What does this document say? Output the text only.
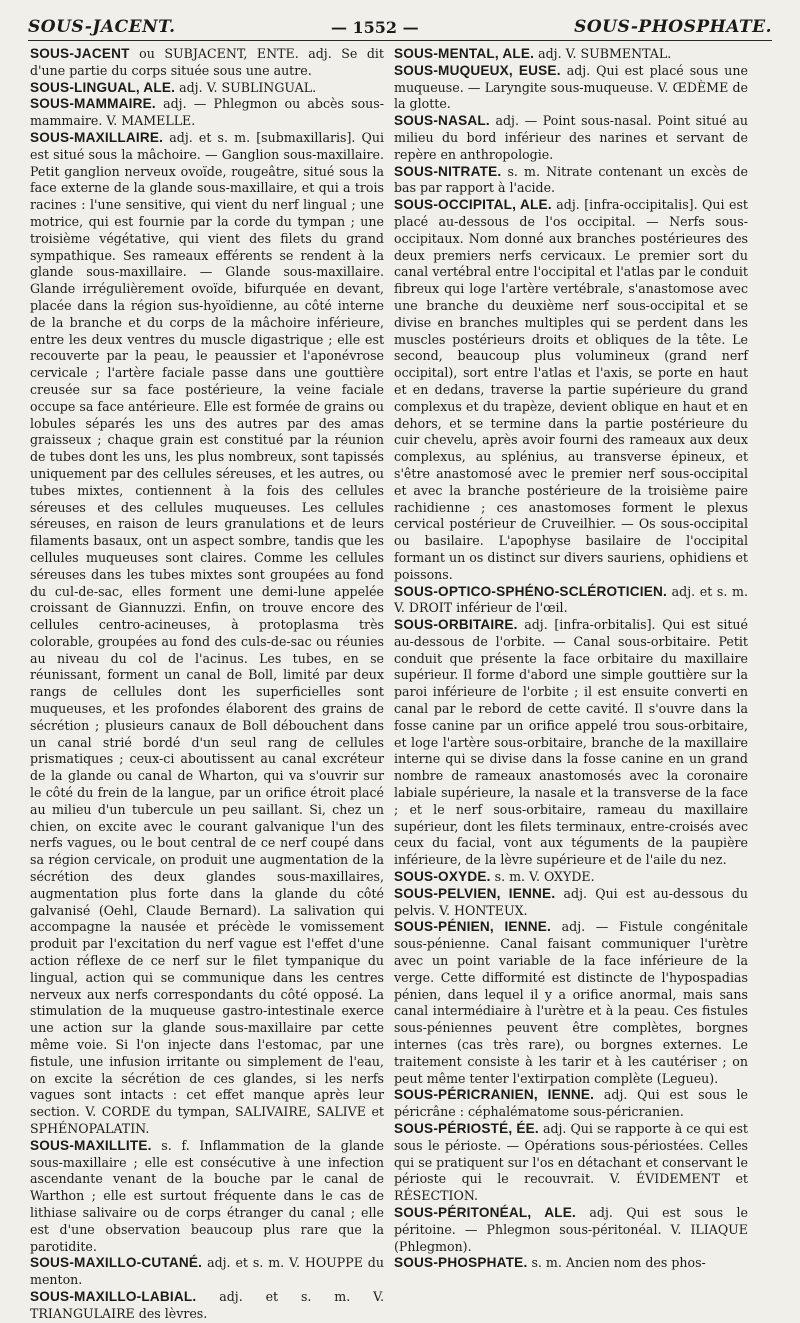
SOUS-JACENT.	— 1552 —	SOUS-PHOSPHATE.

SOUS-JACENT ou SUBJACENT, ENTE. adj. Se dit d'une partie du corps située sous une autre.

SOUS-LINGUAL, ALE. adj. V. SUBLINGUAL.

SOUS-MAMMAIRE. adj. — Phlegmon ou abcès sous-mammaire. V. MAMELLE.

SOUS-MAXILLAIRE. adj. et s. m. [submaxillaris]. Qui est situé sous la mâchoire. — Ganglion sous-maxillaire. Petit ganglion nerveux ovoïde, rougeâtre, situé sous la face externe de la glande sous-maxillaire, et qui a trois racines : l'une sensitive, qui vient du nerf lingual ; une motrice, qui est fournie par la corde du tympan ; une troisième végétative, qui vient des filets du grand sympathique. Ses rameaux efférents se rendent à la glande sous-maxillaire. — Glande sous-maxillaire. Glande irrégulièrement ovoïde, bifurquée en devant, placée dans la région sus-hyoïdienne, au côté interne de la branche et du corps de la mâchoire inférieure, entre les deux ventres du muscle digastrique ; elle est recouverte par la peau, le peaussier et l'aponévrose cervicale ; l'artère faciale passe dans une gouttière creusée sur sa face postérieure, la veine faciale occupe sa face antérieure. Elle est formée de grains ou lobules séparés les uns des autres par des amas graisseux ; chaque grain est constitué par la réunion de tubes dont les uns, les plus nombreux, sont tapissés uniquement par des cellules séreuses, et les autres, ou tubes mixtes, contiennent à la fois des cellules séreuses et des cellules muqueuses. Les cellules séreuses, en raison de leurs granulations et de leurs filaments basaux, ont un aspect sombre, tandis que les cellules muqueuses sont claires. Comme les cellules séreuses dans les tubes mixtes sont groupées au fond du cul-de-sac, elles forment une demi-lune appelée croissant de Giannuzzi. Enfin, on trouve encore des cellules centro-acineuses, à protoplasma très colorable, groupées au fond des culs-de-sac ou réunies au niveau du col de l'acinus. Les tubes, en se réunissant, forment un canal de Boll, limité par deux rangs de cellules dont les superficielles sont muqueuses, et les profondes élaborent des grains de sécrétion ; plusieurs canaux de Boll débouchent dans un canal strié bordé d'un seul rang de cellules prismatiques ; ceux-ci aboutissent au canal excréteur de la glande ou canal de Wharton, qui va s'ouvrir sur le côté du frein de la langue, par un orifice étroit placé au milieu d'un tubercule un peu saillant. Si, chez un chien, on excite avec le courant galvanique l'un des nerfs vagues, ou le bout central de ce nerf coupé dans sa région cervicale, on produit une augmentation de la sécrétion des deux glandes sous-maxillaires, augmentation plus forte dans la glande du côté galvanisé (Oehl, Claude Bernard). La salivation qui accompagne la nausée et précède le vomissement produit par l'excitation du nerf vague est l'effet d'une action réflexe de ce nerf sur le filet tympanique du lingual, action qui se communique dans les centres nerveux aux nerfs correspondants du côté opposé. La stimulation de la muqueuse gastro-intestinale exerce une action sur la glande sous-maxillaire par cette même voie. Si l'on injecte dans l'estomac, par une fistule, une infusion irritante ou simplement de l'eau, on excite la sécrétion de ces glandes, si les nerfs vagues sont intacts : cet effet manque après leur section. V. CORDE du tympan, SALIVAIRE, SALIVE et SPHÉNOPALATIN.

SOUS-MAXILLITE. s. f. Inflammation de la glande sous-maxillaire ; elle est consécutive à une infection ascendante venant de la bouche par le canal de Warthon ; elle est surtout fréquente dans le cas de lithiase salivaire ou de corps étranger du canal ; elle est d'une observation beaucoup plus rare que la parotidite.

SOUS-MAXILLO-CUTANÉ. adj. et s. m. V. HOUPPE du menton.

SOUS-MAXILLO-LABIAL. adj. et s. m. V. TRIANGULAIRE des lèvres.

SOUS-MENTAL, ALE. adj. V. SUBMENTAL.

SOUS-MUQUEUX, EUSE. adj. Qui est placé sous une muqueuse. — Laryngite sous-muqueuse. V. ŒDÈME de la glotte.

SOUS-NASAL. adj. — Point sous-nasal. Point situé au milieu du bord inférieur des narines et servant de repère en anthropologie.

SOUS-NITRATE. s. m. Nitrate contenant un excès de bas par rapport à l'acide.

SOUS-OCCIPITAL, ALE. adj. [infra-occipitalis]. Qui est placé au-dessous de l'os occipital. — Nerfs sous-occipitaux. Nom donné aux branches postérieures des deux premiers nerfs cervicaux. Le premier sort du canal vertébral entre l'occipital et l'atlas par le conduit fibreux qui loge l'artère vertébrale, s'anastomose avec une branche du deuxième nerf sous-occipital et se divise en branches multiples qui se perdent dans les muscles postérieurs droits et obliques de la tête. Le second, beaucoup plus volumineux (grand nerf occipital), sort entre l'atlas et l'axis, se porte en haut et en dedans, traverse la partie supérieure du grand complexus et du trapèze, devient oblique en haut et en dehors, et se termine dans la partie postérieure du cuir chevelu, après avoir fourni des rameaux aux deux complexus, au splénius, au transverse épineux, et s'être anastomosé avec le premier nerf sous-occipital et avec la branche postérieure de la troisième paire rachidienne ; ces anastomoses forment le plexus cervical postérieur de Cruveilhier. — Os sous-occipital ou basilaire. L'apophyse basilaire de l'occipital formant un os distinct sur divers sauriens, ophidiens et poissons.

SOUS-OPTICO-SPHÉNO-SCLÉROTICIEN. adj. et s. m. V. DROIT inférieur de l'œil.

SOUS-ORBITAIRE. adj. [infra-orbitalis]. Qui est situé au-dessous de l'orbite. — Canal sous-orbitaire. Petit conduit que présente la face orbitaire du maxillaire supérieur. Il forme d'abord une simple gouttière sur la paroi inférieure de l'orbite ; il est ensuite converti en canal par le rebord de cette cavité. Il s'ouvre dans la fosse canine par un orifice appelé trou sous-orbitaire, et loge l'artère sous-orbitaire, branche de la maxillaire interne qui se divise dans la fosse canine en un grand nombre de rameaux anastomosés avec la coronaire labiale supérieure, la nasale et la transverse de la face ; et le nerf sous-orbitaire, rameau du maxillaire supérieur, dont les filets terminaux, entre-croisés avec ceux du facial, vont aux téguments de la paupière inférieure, de la lèvre supérieure et de l'aile du nez.

SOUS-OXYDE. s. m. V. OXYDE.

SOUS-PELVIEN, IENNE. adj. Qui est au-dessous du pelvis. V. HONTEUX.

SOUS-PÉNIEN, IENNE. adj. — Fistule congénitale sous-pénienne. Canal faisant communiquer l'urètre avec un point variable de la face inférieure de la verge. Cette difformité est distincte de l'hypospadias pénien, dans lequel il y a orifice anormal, mais sans canal intermédiaire à l'urètre et à la peau. Ces fistules sous-péniennes peuvent être complètes, borgnes internes (cas très rare), ou borgnes externes. Le traitement consiste à les tarir et à les cautériser ; on peut même tenter l'extirpation complète (Legueu).

SOUS-PÉRICRANIEN, IENNE. adj. Qui est sous le péricrâne : céphalématome sous-péricranien.

SOUS-PÉRIOSTÉ, ÉE. adj. Qui se rapporte à ce qui est sous le périoste. — Opérations sous-périostées. Celles qui se pratiquent sur l'os en détachant et conservant le périoste qui le recouvrait. V. ÉVIDEMENT et RÉSECTION.

SOUS-PÉRITONÉAL, ALE. adj. Qui est sous le péritoine. — Phlegmon sous-péritonéal. V. ILIAQUE (Phlegmon).

SOUS-PHOSPHATE. s. m. Ancien nom des phos-
